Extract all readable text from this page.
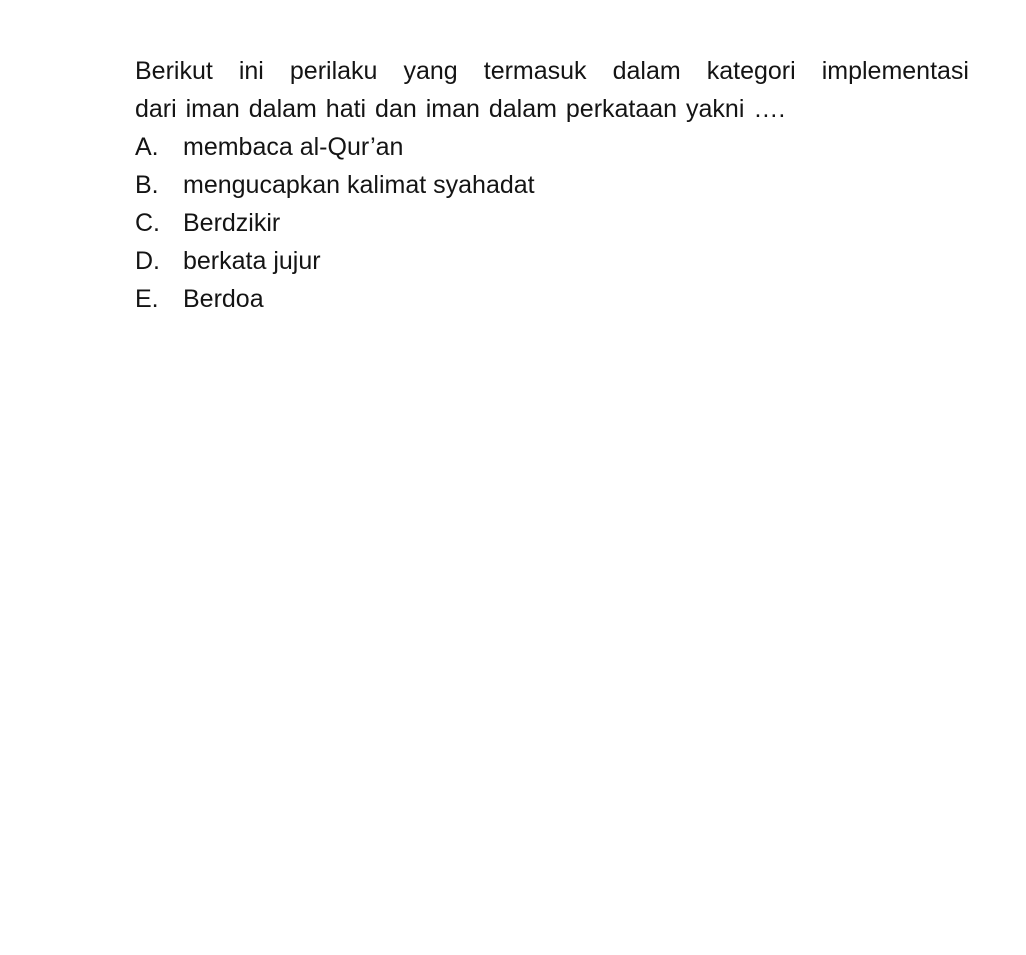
Berikut ini perilaku yang termasuk dalam kategori implementasi
dari iman dalam hati dan iman dalam perkataan yakni ….

A. membaca al-Qur’an
B. mengucapkan kalimat syahadat
C. Berdzikir
D. berkata jujur
E. Berdoa
